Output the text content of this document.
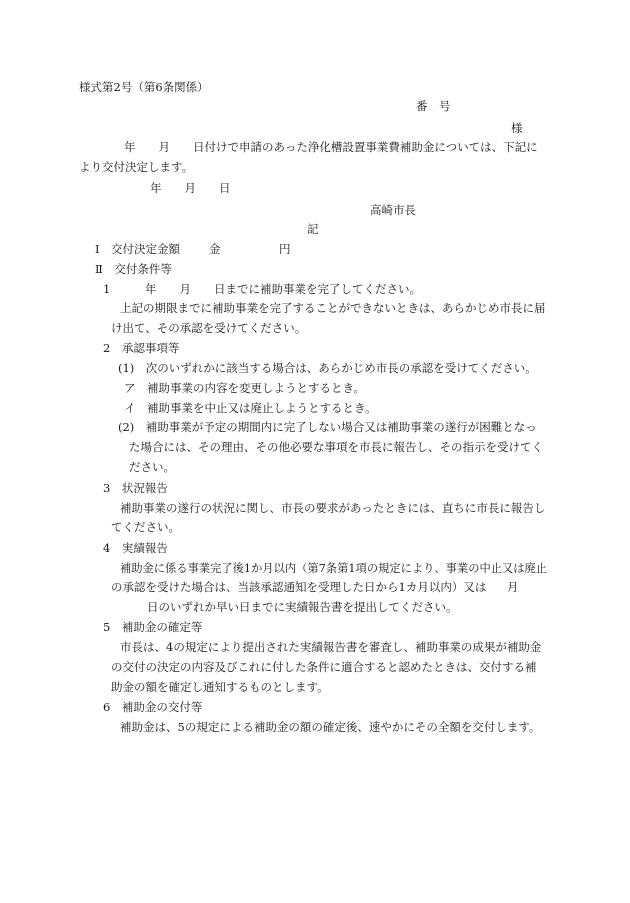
様式第2号（第6条関係）
番　号
様
年　　月　　日付けで申請のあった浄化槽設置事業費補助金については、下記に
より交付決定します。
年　　月　　日
高崎市長
記
Ⅰ　交付決定金額	金	円
Ⅱ　交付条件等
1	年　　月　　日までに補助事業を完了してください。
上記の期限までに補助事業を完了することができないときは、あらかじめ市長に届
け出て、その承認を受けてください。
2　承認事項等
(1)　次のいずれかに該当する場合は、あらかじめ市長の承認を受けてください。
ア　補助事業の内容を変更しようとするとき。
イ　補助事業を中止又は廃止しようとするとき。
(2)　補助事業が予定の期間内に完了しない場合又は補助事業の遂行が困難となっ
た場合には、その理由、その他必要な事項を市長に報告し、その指示を受けてく
ださい。
3　状況報告
補助事業の遂行の状況に関し、市長の要求があったときには、直ちに市長に報告し
てください。
4　実績報告
補助金に係る事業完了後1か月以内（第7条第1項の規定により、事業の中止又は廃止
の承認を受けた場合は、当該承認通知を受理した日から1カ月以内）又は 月
日のいずれか早い日までに実績報告書を提出してください。
5　補助金の確定等
市長は、4の規定により提出された実績報告書を審査し、補助事業の成果が補助金
の交付の決定の内容及びこれに付した条件に適合すると認めたときは、交付する補
助金の額を確定し通知するものとします。
6　補助金の交付等
補助金は、5の規定による補助金の額の確定後、速やかにその全額を交付します。
